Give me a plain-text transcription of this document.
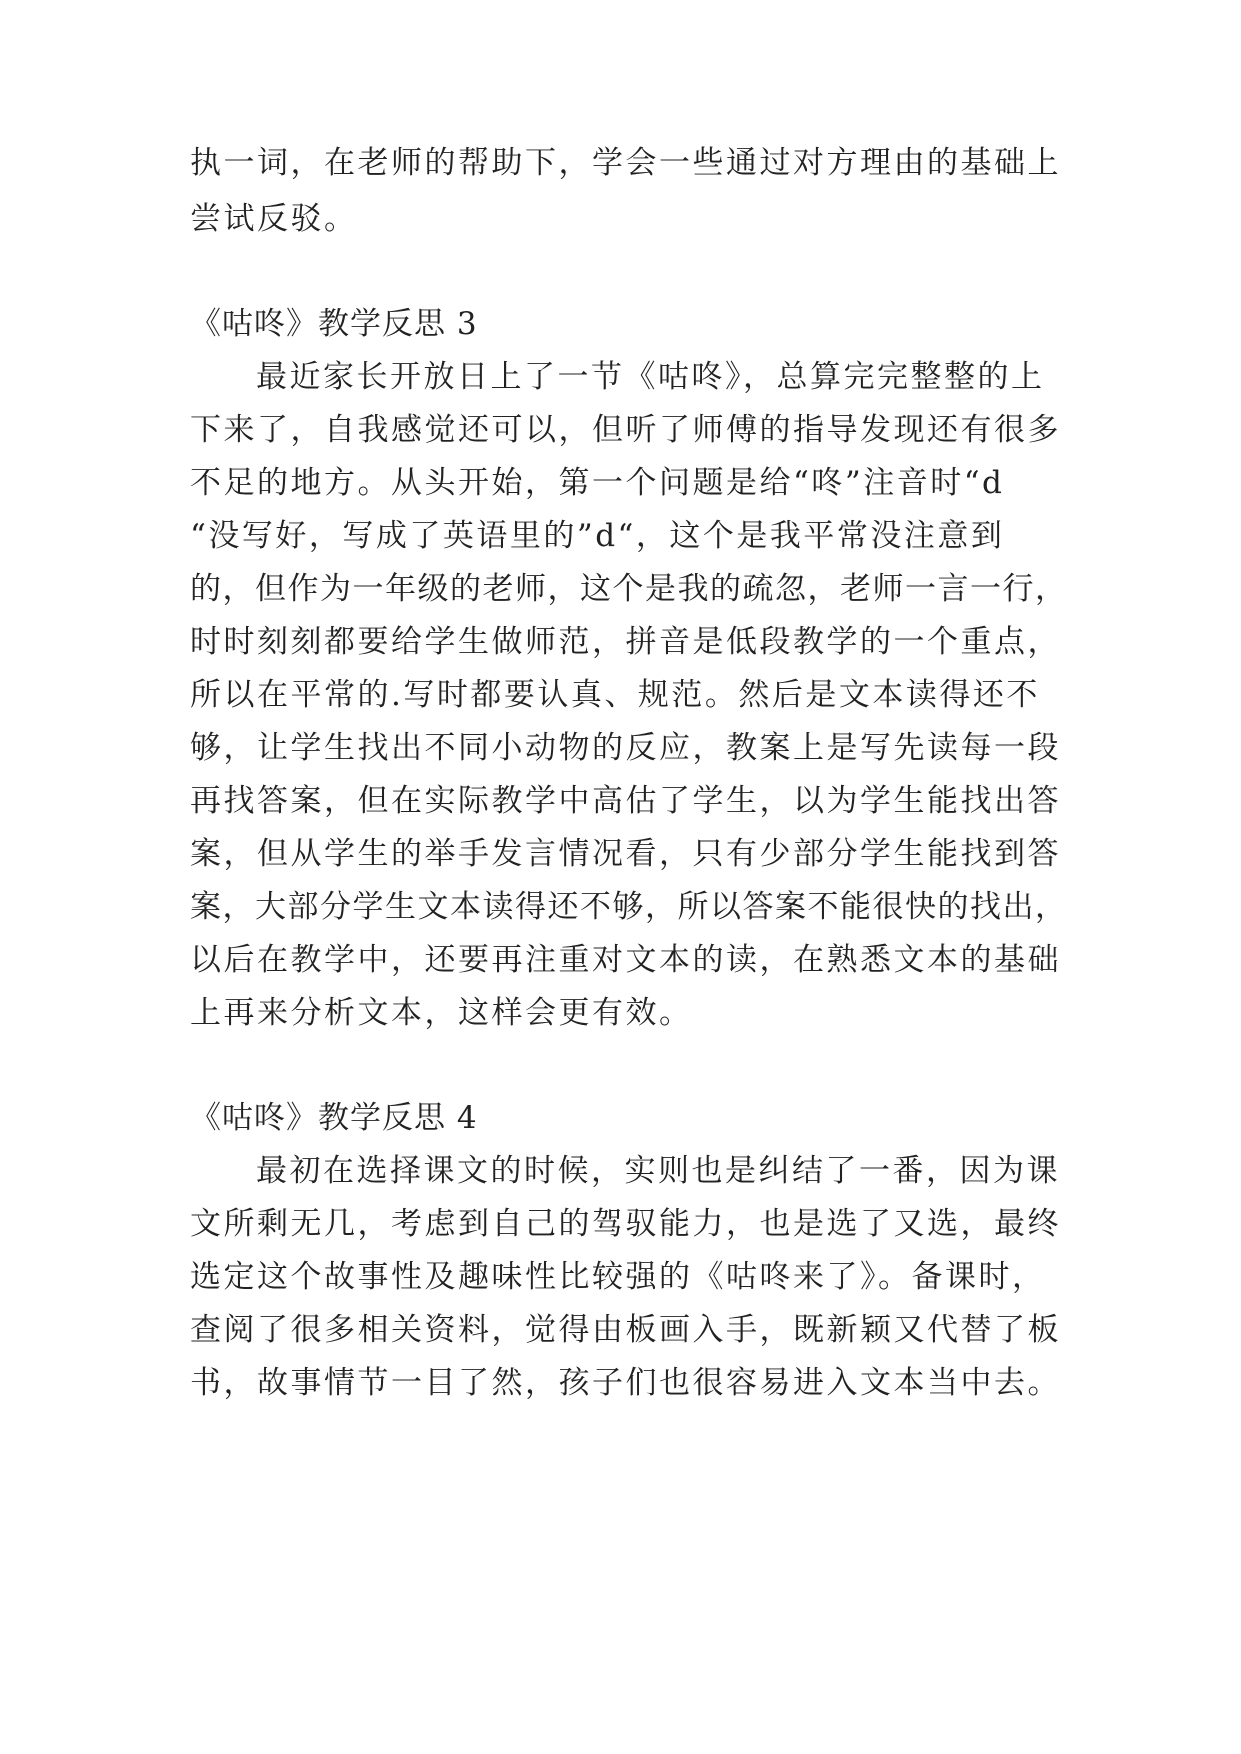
执一词，在老师的帮助下，学会一些通过对方理由的基础上
尝试反驳。
《咕咚》教学反思 3
最近家长开放日上了一节《咕咚》，总算完完整整的上
下来了，自我感觉还可以，但听了师傅的指导发现还有很多
不足的地方。从头开始，第一个问题是给“咚”注音时“d
“没写好，写成了英语里的”d“，这个是我平常没注意到
的，但作为一年级的老师，这个是我的疏忽，老师一言一行，
时时刻刻都要给学生做师范，拼音是低段教学的一个重点，
所以在平常的.写时都要认真、规范。然后是文本读得还不
够，让学生找出不同小动物的反应，教案上是写先读每一段
再找答案，但在实际教学中高估了学生，以为学生能找出答
案，但从学生的举手发言情况看，只有少部分学生能找到答
案，大部分学生文本读得还不够，所以答案不能很快的找出，
以后在教学中，还要再注重对文本的读，在熟悉文本的基础
上再来分析文本，这样会更有效。
《咕咚》教学反思 4
最初在选择课文的时候，实则也是纠结了一番，因为课
文所剩无几，考虑到自己的驾驭能力，也是选了又选，最终
选定这个故事性及趣味性比较强的《咕咚来了》。备课时，
查阅了很多相关资料，觉得由板画入手，既新颖又代替了板
书，故事情节一目了然，孩子们也很容易进入文本当中去。
